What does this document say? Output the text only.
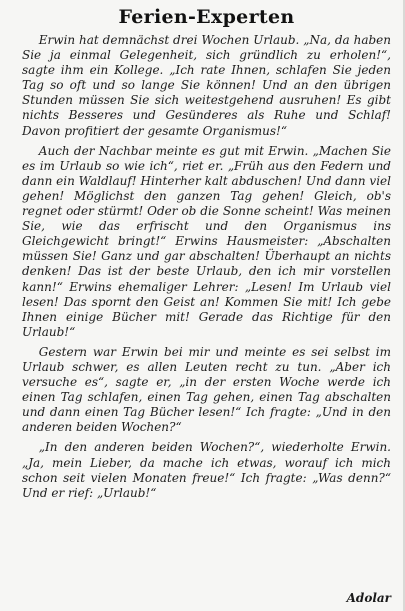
Ferien-Experten

Erwin hat demnächst drei Wochen Urlaub. „Na, da haben Sie ja einmal Gelegenheit, sich gründlich zu erholen!“, sagte ihm ein Kollege. „Ich rate Ihnen, schlafen Sie jeden Tag so oft und so lange Sie können! Und an den übrigen Stunden müssen Sie sich weitestgehend ausruhen! Es gibt nichts Besseres und Gesünderes als Ruhe und Schlaf! Davon profitiert der gesamte Organismus!“

Auch der Nachbar meinte es gut mit Erwin. „Machen Sie es im Urlaub so wie ich“, riet er. „Früh aus den Federn und dann ein Waldlauf! Hinterher kalt abduschen! Und dann viel gehen! Möglichst den ganzen Tag gehen! Gleich, ob's regnet oder stürmt! Oder ob die Sonne scheint! Was meinen Sie, wie das erfrischt und den Organismus ins Gleichgewicht bringt!“ Erwins Hausmeister: „Abschalten müssen Sie! Ganz und gar abschalten! Überhaupt an nichts denken! Das ist der beste Urlaub, den ich mir vorstellen kann!“ Erwins ehemaliger Lehrer: „Lesen! Im Urlaub viel lesen! Das spornt den Geist an! Kommen Sie mit! Ich gebe Ihnen einige Bücher mit! Gerade das Richtige für den Urlaub!“

Gestern war Erwin bei mir und meinte es sei selbst im Urlaub schwer, es allen Leuten recht zu tun. „Aber ich versuche es“, sagte er, „in der ersten Woche werde ich einen Tag schlafen, einen Tag gehen, einen Tag abschalten und dann einen Tag Bücher lesen!“ Ich fragte: „Und in den anderen beiden Wochen?“

„In den anderen beiden Wochen?“, wiederholte Erwin. „Ja, mein Lieber, da mache ich etwas, worauf ich mich schon seit vielen Monaten freue!“ Ich fragte: „Was denn?“ Und er rief: „Urlaub!“

Adolar
